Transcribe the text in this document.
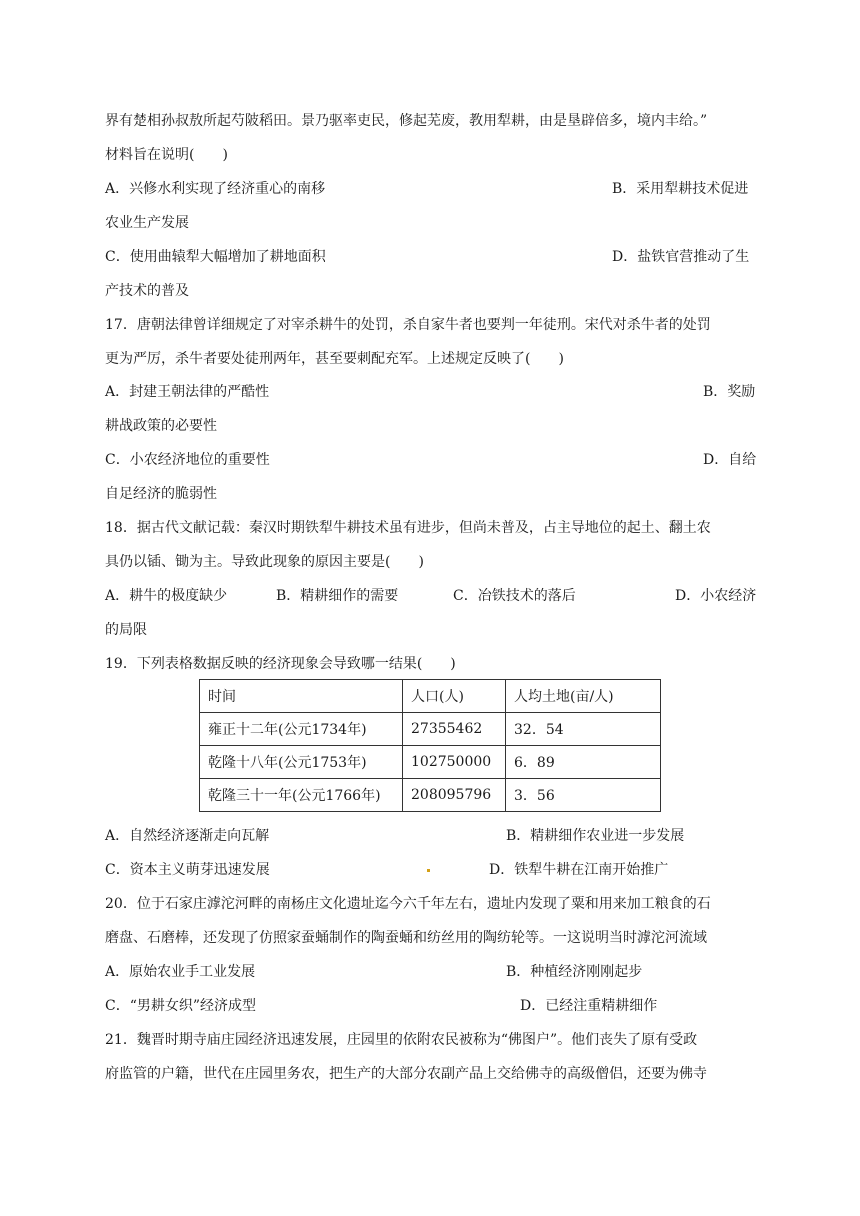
界有楚相孙叔敖所起芍陂稻田。景乃驱率吏民，修起芜废，教用犁耕，由是垦辟倍多，境内丰给。”
材料旨在说明(　　)
A．兴修水利实现了经济重心的南移	B．采用犁耕技术促进
农业生产发展
C．使用曲辕犁大幅增加了耕地面积	D．盐铁官营推动了生
产技术的普及
17．唐朝法律曾详细规定了对宰杀耕牛的处罚，杀自家牛者也要判一年徒刑。宋代对杀牛者的处罚
更为严厉，杀牛者要处徒刑两年，甚至要刺配充军。上述规定反映了(　　)
A．封建王朝法律的严酷性	B．奖励
耕战政策的必要性
C．小农经济地位的重要性	D．自给
自足经济的脆弱性
18．据古代文献记载：秦汉时期铁犁牛耕技术虽有进步，但尚未普及，占主导地位的起土、翻土农
具仍以锸、锄为主。导致此现象的原因主要是(　　)
A．耕牛的极度缺少	B．精耕细作的需要	C．冶铁技术的落后	D．小农经济
的局限
19．下列表格数据反映的经济现象会导致哪一结果(　　)
时间	人口(人)	人均土地(亩/人)
雍正十二年(公元1734年)	27355462	32．54
乾隆十八年(公元1753年)	102750000	6．89
乾隆三十一年(公元1766年)	208095796	3．56
A．自然经济逐渐走向瓦解	B．精耕细作农业进一步发展
C．资本主义萌芽迅速发展	D．铁犁牛耕在江南开始推广
20．位于石家庄滹沱河畔的南杨庄文化遗址迄今六千年左右，遗址内发现了粟和用来加工粮食的石
磨盘、石磨棒，还发现了仿照家蚕蛹制作的陶蚕蛹和纺丝用的陶纺轮等。一这说明当时滹沱河流域
A．原始农业手工业发展	B．种植经济刚刚起步
C．“男耕女织”经济成型	D．已经注重精耕细作
21．魏晋时期寺庙庄园经济迅速发展，庄园里的依附农民被称为“佛图户”。他们丧失了原有受政
府监管的户籍，世代在庄园里务农，把生产的大部分农副产品上交给佛寺的高级僧侣，还要为佛寺
